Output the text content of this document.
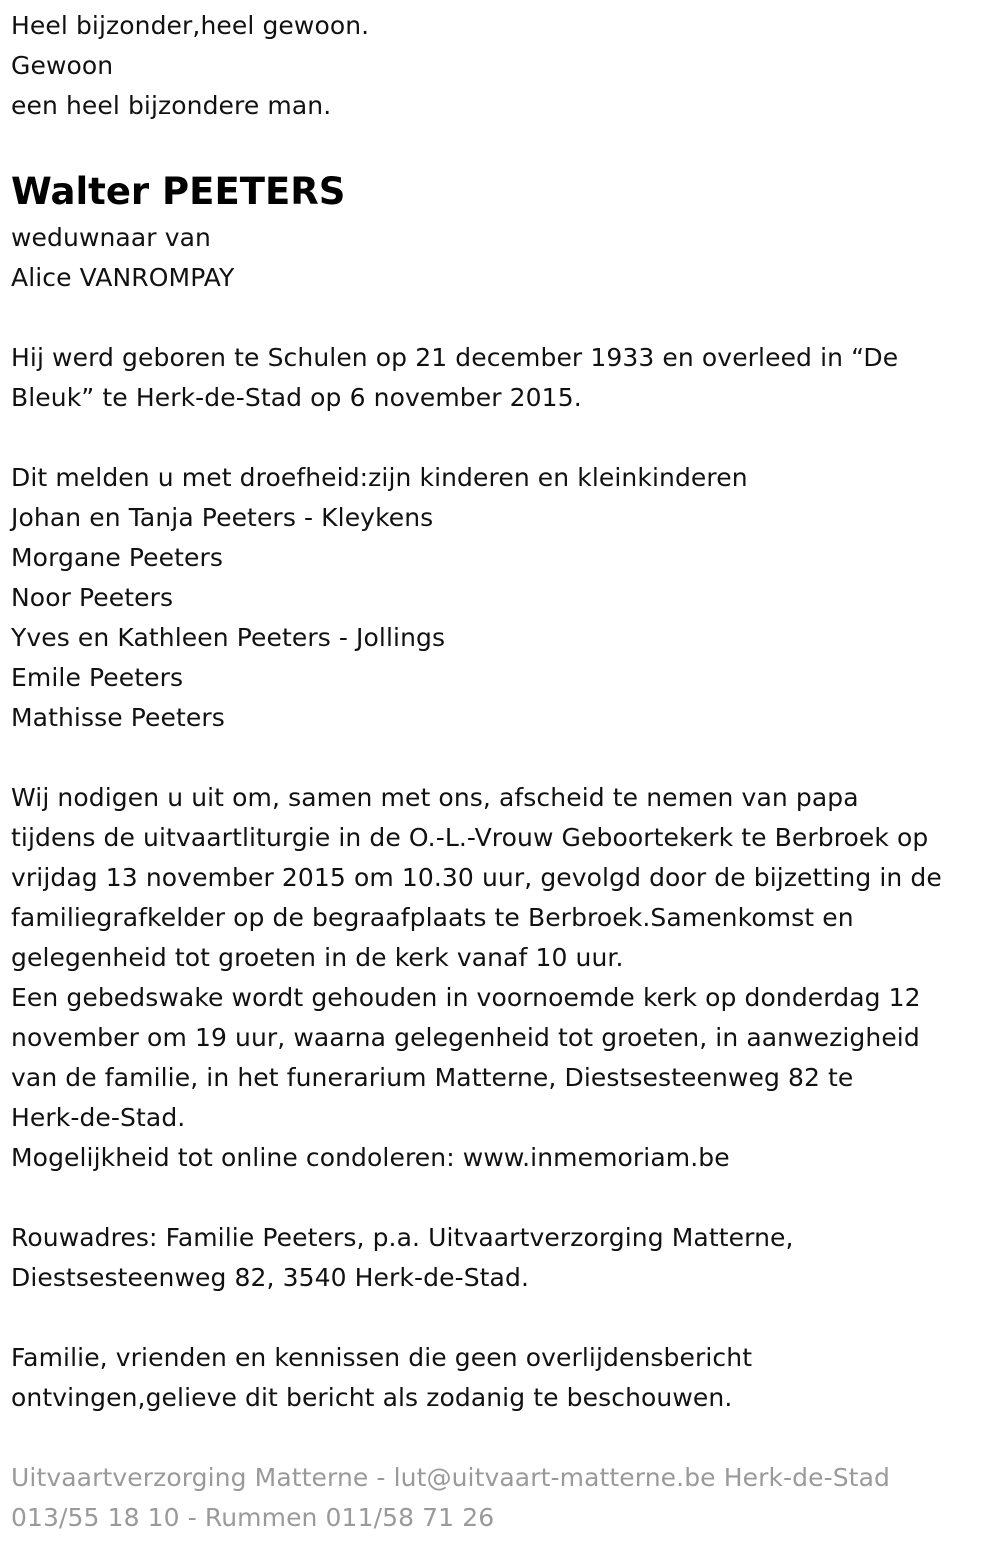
Heel bijzonder,heel gewoon.
Gewoon
een heel bijzondere man.
Walter PEETERS
weduwnaar van
Alice VANROMPAY
Hij werd geboren te Schulen op 21 december 1933 en overleed in “De
Bleuk” te Herk-de-Stad op 6 november 2015.
Dit melden u met droefheid:zijn kinderen en kleinkinderen
Johan en Tanja Peeters - Kleykens
Morgane Peeters
Noor Peeters
Yves en Kathleen Peeters - Jollings
Emile Peeters
Mathisse Peeters
Wij nodigen u uit om, samen met ons, afscheid te nemen van papa
tijdens de uitvaartliturgie in de O.-L.-Vrouw Geboortekerk te Berbroek op
vrijdag 13 november 2015 om 10.30 uur, gevolgd door de bijzetting in de
familiegrafkelder op de begraafplaats te Berbroek.Samenkomst en
gelegenheid tot groeten in de kerk vanaf 10 uur.
Een gebedswake wordt gehouden in voornoemde kerk op donderdag 12
november om 19 uur, waarna gelegenheid tot groeten, in aanwezigheid
van de familie, in het funerarium Matterne, Diestsesteenweg 82 te
Herk-de-Stad.
Mogelijkheid tot online condoleren: www.inmemoriam.be
Rouwadres: Familie Peeters, p.a. Uitvaartverzorging Matterne,
Diestsesteenweg 82, 3540 Herk-de-Stad.
Familie, vrienden en kennissen die geen overlijdensbericht
ontvingen,gelieve dit bericht als zodanig te beschouwen.
Uitvaartverzorging Matterne - lut@uitvaart-matterne.be Herk-de-Stad
013/55 18 10 - Rummen 011/58 71 26
